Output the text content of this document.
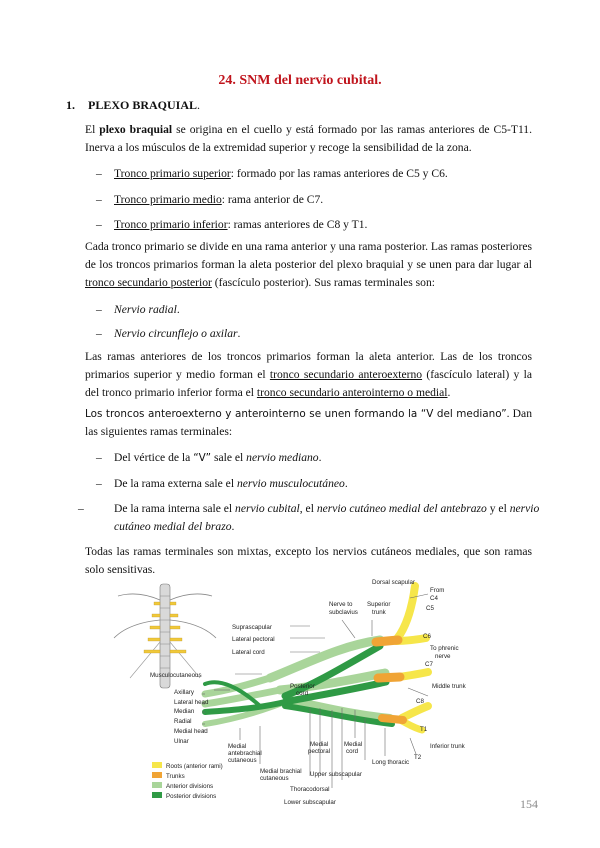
24. SNM del nervio cubital.
1. PLEXO BRAQUIAL.

El plexo braquial se origina en el cuello y está formado por las ramas anteriores de C5-T11. Inerva a los músculos de la extremidad superior y recoge la sensibilidad de la zona.

– Tronco primario superior: formado por las ramas anteriores de C5 y C6.

– Tronco primario medio: rama anterior de C7.

– Tronco primario inferior: ramas anteriores de C8 y T1.

Cada tronco primario se divide en una rama anterior y una rama posterior. Las ramas posteriores de los troncos primarios forman la aleta posterior del plexo braquial y se unen para dar lugar al tronco secundario posterior (fascículo posterior). Sus ramas terminales son:

– Nervio radial.

– Nervio circunflejo o axilar.

Las ramas anteriores de los troncos primarios forman la aleta anterior. Las de los troncos primarios superior y medio forman el tronco secundario anteroexterno (fascículo lateral) y la del tronco primario inferior forma el tronco secundario anterointerno o medial.

Los troncos anteroexterno y anterointerno se unen formando la “V del mediano”. Dan las siguientes ramas terminales:

– Del vértice de la “V” sale el nervio mediano.

– De la rama externa sale el nervio musculocutáneo.

–	De la rama interna sale el nervio cubital, el nervio cutáneo medial del antebrazo y el nervio cutáneo medial del brazo.

Todas las ramas terminales son mixtas, excepto los nervios cutáneos mediales, que son ramas solo sensitivas.

Dorsal scapular
From
C4
C5
Nerve to
subclavius
Superior
trunk
Suprascapular
Lateral pectoral
Lateral cord
C6
To phrenic
nerve
C7
Musculocutaneous
Posterior
cord
Middle trunk
Axillary
Lateral head
Median
Radial
Medial head
Ulnar
C8
T1
Inferior trunk
T2
Medial
pectoral
Medial
cord
Long thoracic
Upper subscapular
Thoracodorsal
Lower subscapular
Medial
antebrachial
cutaneous
Medial brachial
cutaneous
Roots (anterior rami)
Trunks
Anterior divisions
Posterior divisions
154
